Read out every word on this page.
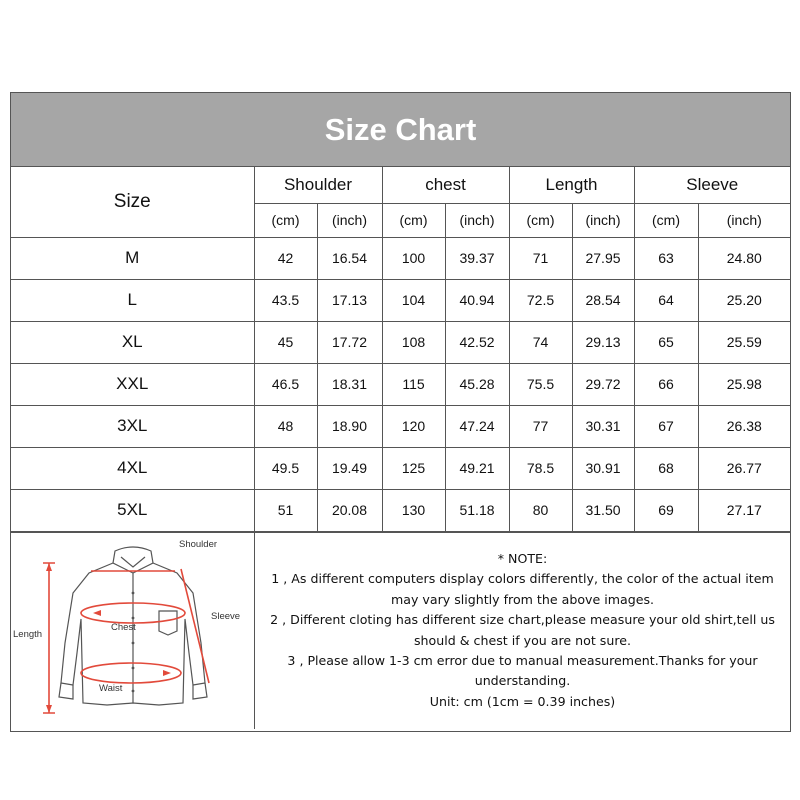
Size Chart
Size	Shoulder		chest		Length		Sleeve	
	(cm)	(inch)	(cm)	(inch)	(cm)	(inch)	(cm)	(inch)
M	42	16.54	100	39.37	71	27.95	63	24.80
L	43.5	17.13	104	40.94	72.5	28.54	64	25.20
XL	45	17.72	108	42.52	74	29.13	65	25.59
XXL	46.5	18.31	115	45.28	75.5	29.72	66	25.98
3XL	48	18.90	120	47.24	77	30.31	67	26.38
4XL	49.5	19.49	125	49.21	78.5	30.91	68	26.77
5XL	51	20.08	130	51.18	80	31.50	69	27.17
Shoulder
Sleeve
Chest
Length
Waist
* NOTE:
1 , As different computers display colors differently, the color of the actual item may vary slightly from the above images.
2 , Different cloting has different size chart,please measure your old shirt,tell us should & chest if you are not sure.
3 , Please allow 1-3 cm error due to manual measurement.Thanks for your understanding.
Unit: cm (1cm = 0.39 inches)
